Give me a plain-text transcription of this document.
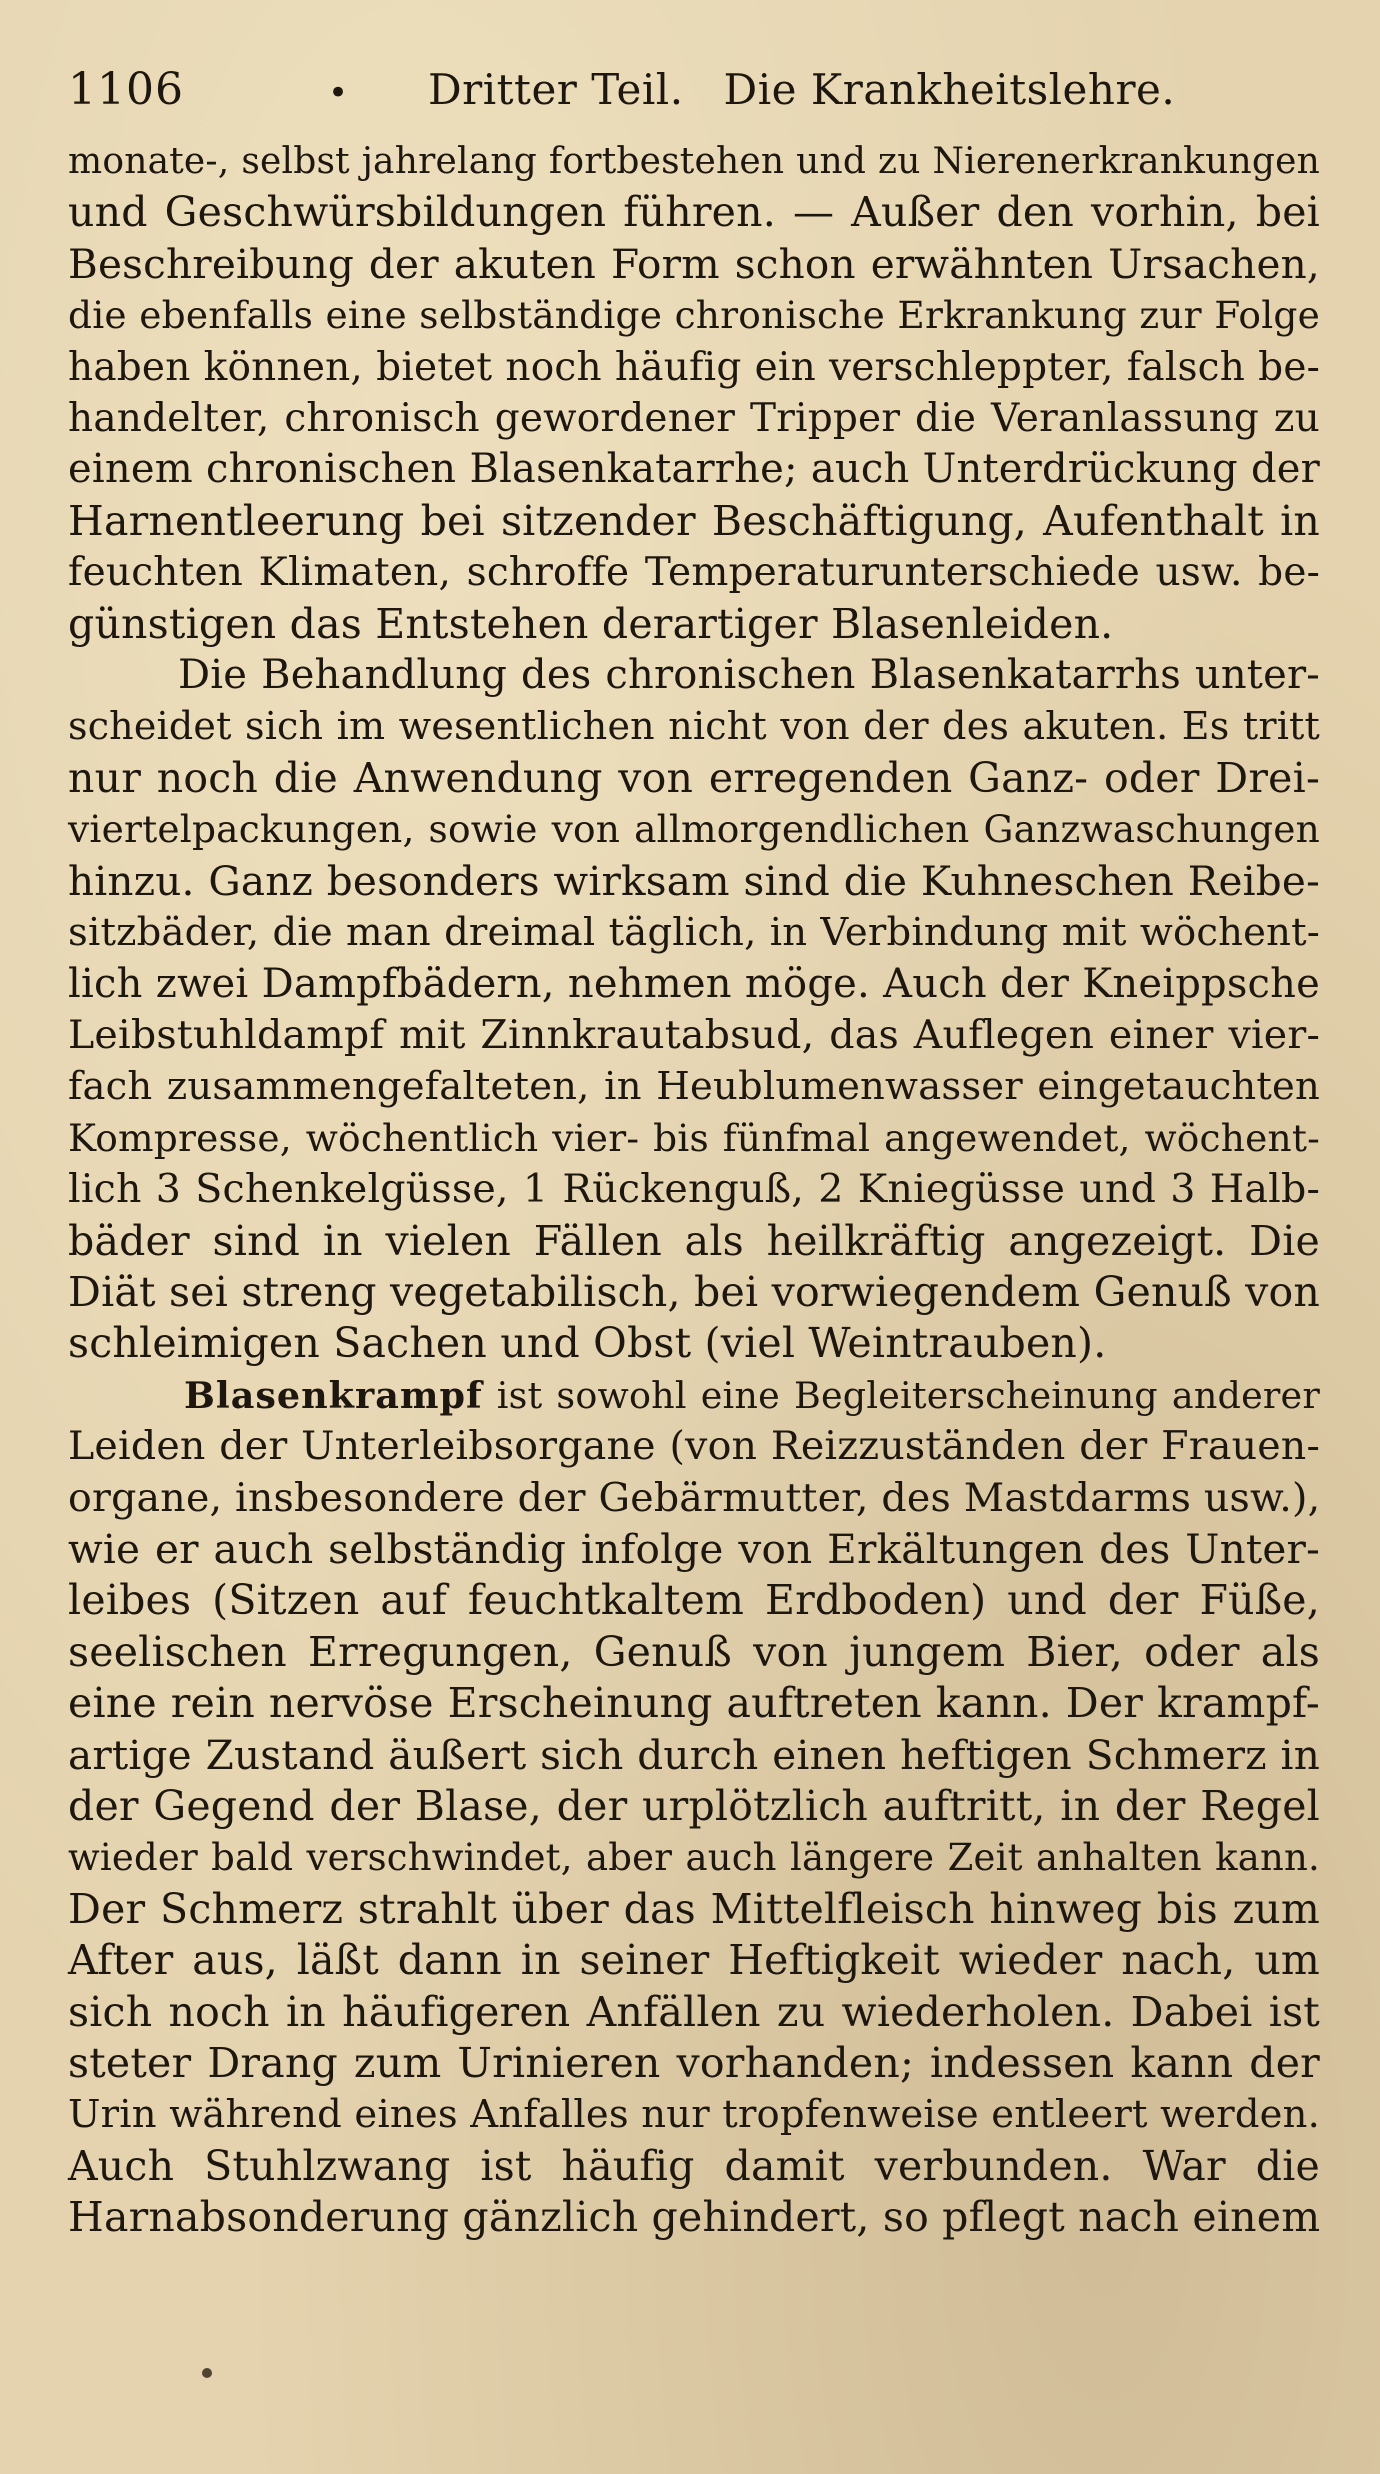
1106	•	Dritter Teil. Die Krankheitslehre.
monate-, selbst jahrelang fortbestehen und zu Nierenerkrankungen
und Geschwürsbildungen führen. — Außer den vorhin, bei
Beschreibung der akuten Form schon erwähnten Ursachen,
die ebenfalls eine selbständige chronische Erkrankung zur Folge
haben können, bietet noch häufig ein verschleppter, falsch be-
handelter, chronisch gewordener Tripper die Veranlassung zu
einem chronischen Blasenkatarrhe; auch Unterdrückung der
Harnentleerung bei sitzender Beschäftigung, Aufenthalt in
feuchten Klimaten, schroffe Temperaturunterschiede usw. be-
günstigen das Entstehen derartiger Blasenleiden.
Die Behandlung des chronischen Blasenkatarrhs unter-
scheidet sich im wesentlichen nicht von der des akuten. Es tritt
nur noch die Anwendung von erregenden Ganz- oder Drei-
viertelpackungen, sowie von allmorgendlichen Ganzwaschungen
hinzu. Ganz besonders wirksam sind die Kuhneschen Reibe-
sitzbäder, die man dreimal täglich, in Verbindung mit wöchent-
lich zwei Dampfbädern, nehmen möge. Auch der Kneippsche
Leibstuhldampf mit Zinnkrautabsud, das Auflegen einer vier-
fach zusammengefalteten, in Heublumenwasser eingetauchten
Kompresse, wöchentlich vier- bis fünfmal angewendet, wöchent-
lich 3 Schenkelgüsse, 1 Rückenguß, 2 Kniegüsse und 3 Halb-
bäder sind in vielen Fällen als heilkräftig angezeigt. Die
Diät sei streng vegetabilisch, bei vorwiegendem Genuß von
schleimigen Sachen und Obst (viel Weintrauben).
Blasenkrampf ist sowohl eine Begleiterscheinung anderer
Leiden der Unterleibsorgane (von Reizzuständen der Frauen-
organe, insbesondere der Gebärmutter, des Mastdarms usw.),
wie er auch selbständig infolge von Erkältungen des Unter-
leibes (Sitzen auf feuchtkaltem Erdboden) und der Füße,
seelischen Erregungen, Genuß von jungem Bier, oder als
eine rein nervöse Erscheinung auftreten kann. Der krampf-
artige Zustand äußert sich durch einen heftigen Schmerz in
der Gegend der Blase, der urplötzlich auftritt, in der Regel
wieder bald verschwindet, aber auch längere Zeit anhalten kann.
Der Schmerz strahlt über das Mittelfleisch hinweg bis zum
After aus, läßt dann in seiner Heftigkeit wieder nach, um
sich noch in häufigeren Anfällen zu wiederholen. Dabei ist
steter Drang zum Urinieren vorhanden; indessen kann der
Urin während eines Anfalles nur tropfenweise entleert werden.
Auch Stuhlzwang ist häufig damit verbunden. War die
Harnabsonderung gänzlich gehindert, so pflegt nach einem
